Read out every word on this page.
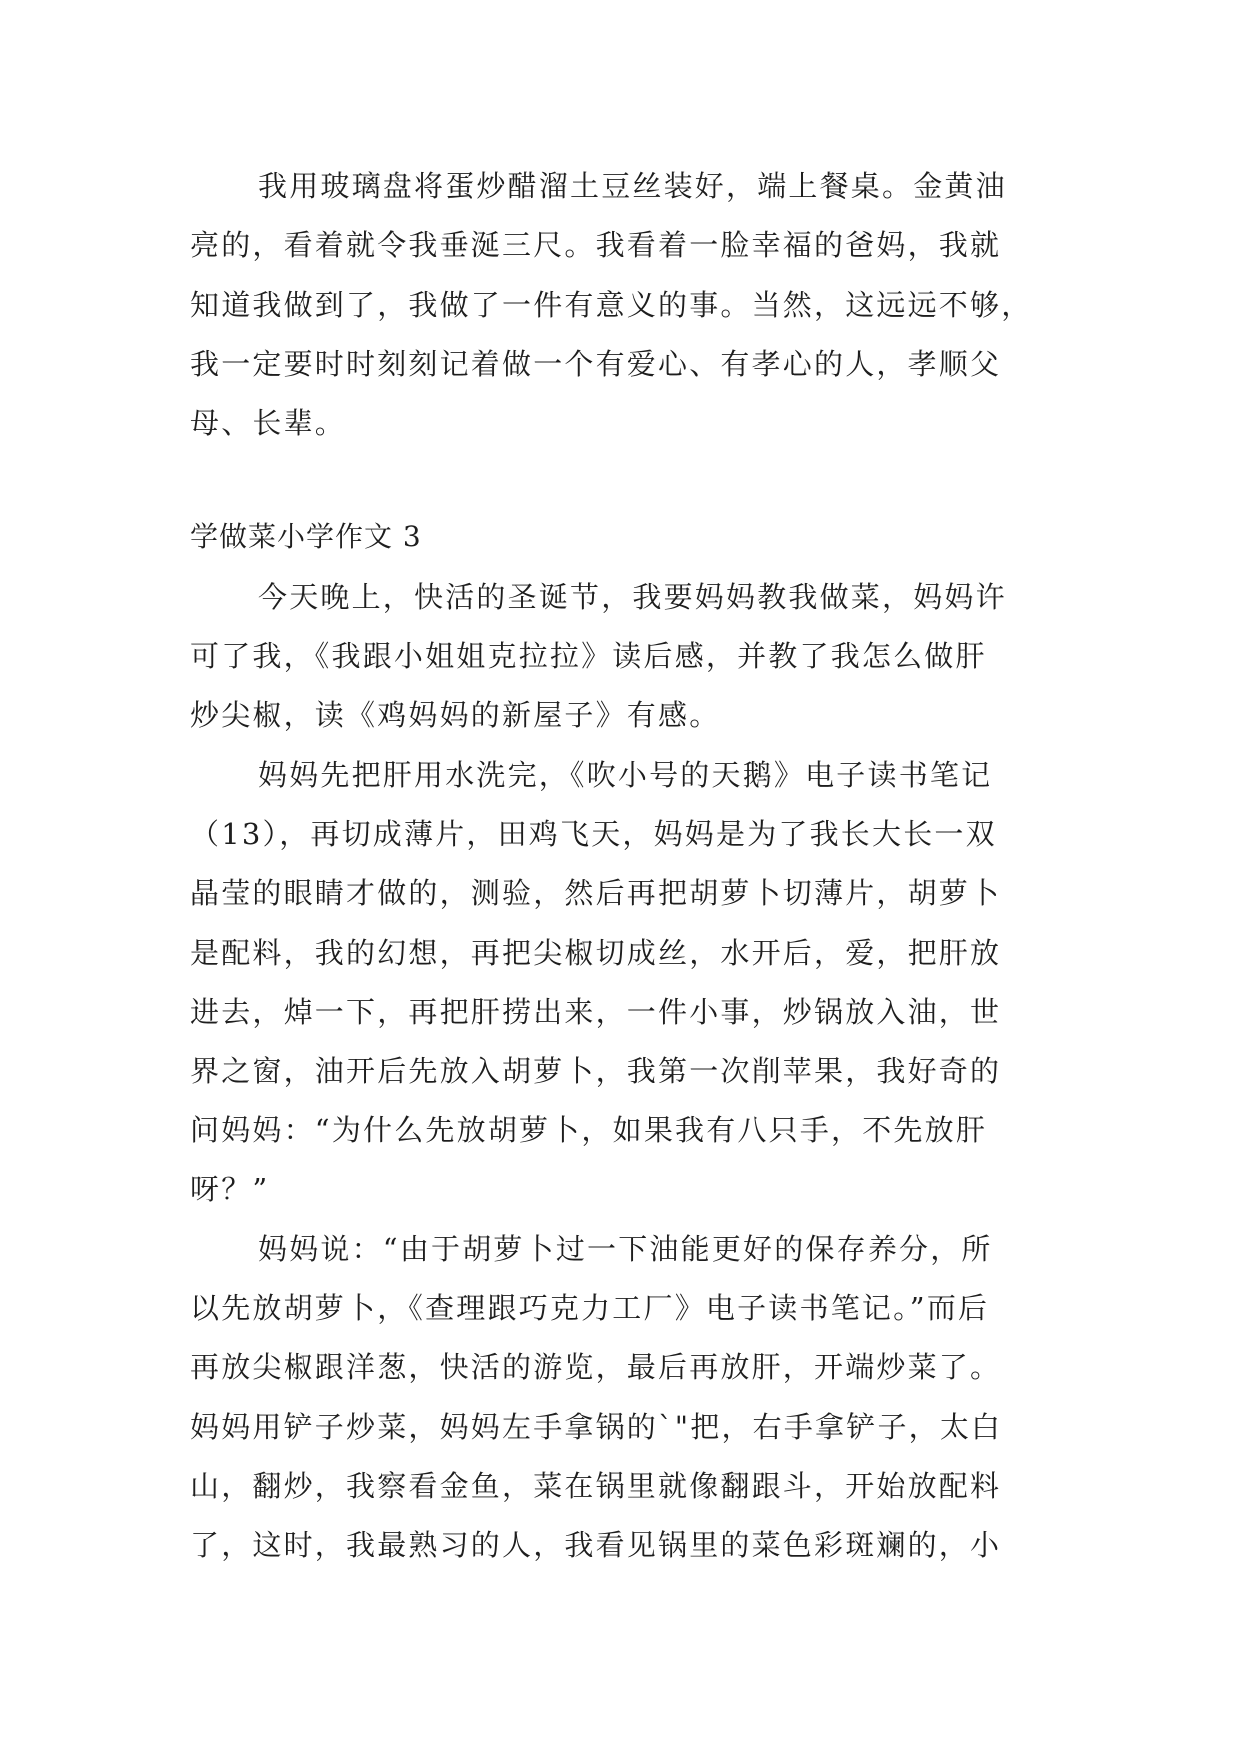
我用玻璃盘将蛋炒醋溜土豆丝装好，端上餐桌。金黄油
亮的，看着就令我垂涎三尺。我看着一脸幸福的爸妈，我就
知道我做到了，我做了一件有意义的事。当然，这远远不够，
我一定要时时刻刻记着做一个有爱心、有孝心的人，孝顺父
母、长辈。
学做菜小学作文 3
今天晚上，快活的圣诞节，我要妈妈教我做菜，妈妈许
可了我，《我跟小姐姐克拉拉》读后感，并教了我怎么做肝
炒尖椒，读《鸡妈妈的新屋子》有感。
妈妈先把肝用水洗完，《吹小号的天鹅》电子读书笔记
（13），再切成薄片，田鸡飞天，妈妈是为了我长大长一双
晶莹的眼睛才做的，测验，然后再把胡萝卜切薄片，胡萝卜
是配料，我的幻想，再把尖椒切成丝，水开后，爱，把肝放
进去，焯一下，再把肝捞出来，一件小事，炒锅放入油，世
界之窗，油开后先放入胡萝卜，我第一次削苹果，我好奇的
问妈妈：“为什么先放胡萝卜，如果我有八只手，不先放肝
呀？”
妈妈说：“由于胡萝卜过一下油能更好的保存养分，所
以先放胡萝卜，《查理跟巧克力工厂》电子读书笔记。”而后
再放尖椒跟洋葱，快活的游览，最后再放肝，开端炒菜了。
妈妈用铲子炒菜，妈妈左手拿锅的`"把，右手拿铲子，太白
山，翻炒，我察看金鱼，菜在锅里就像翻跟斗，开始放配料
了，这时，我最熟习的人，我看见锅里的菜色彩斑斓的，小
